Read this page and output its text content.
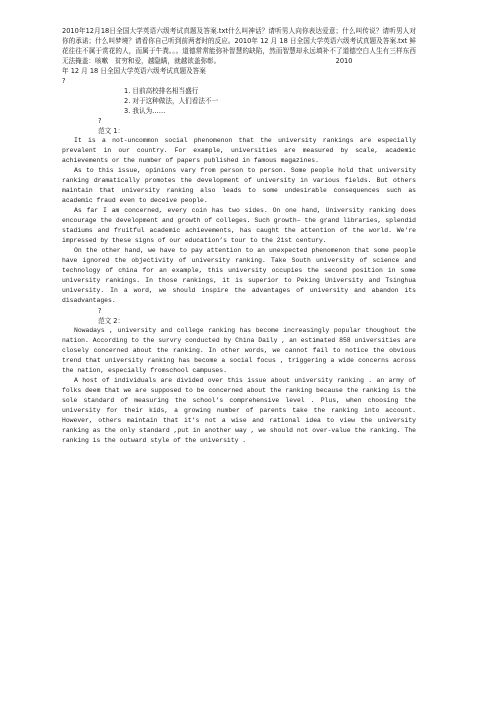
2010年12月18日全国大学英语六级考试真题及答案.txt什么叫神话？请听男人向你表达爱意；什么叫传说？请听男人对你的承诺；什么叫梦境？请看你自己听到前两者时的反应。2010年 12 月 18 日全国大学英语六级考试真题及答案.txt 鲜花往往不属于赏花的人，而属于牛粪。。。道德常常能弥补智慧的缺陷，然而智慧却永远填补不了道德空白人生有三样东西无法掩盖：咳嗽　贫穷和爱，越隐瞒，就越欲盖弥彰。　　　　　　　　　　　　　　　　　　2010

年 12 月 18 日全国大学英语六级考试真题及答案

?

1. 目前高校排名相当盛行
2. 对于这种做法，人们看法不一
3. 我认为……

?

范文 1：

It is a not-uncommon social phenomenon that the university rankings are especially prevalent in our country. For example, universities are measured by scale, academic achievements or the number of papers published in famous magazines.

As to this issue, opinions vary from person to person. Some people hold that university ranking dramatically promotes the development of university in various fields. But others maintain that university ranking also leads to some undesirable consequences such as academic fraud even to deceive people.

As far I am concerned, every coin has two sides. On one hand, University ranking does encourage the development and growth of colleges. Such growth– the grand libraries, splendid stadiums and fruitful academic achievements, has caught the attention of the world. We’re impressed by these signs of our education’s tour to the 21st century.

On the other hand, we have to pay attention to an unexpected phenomenon that some people have ignored the objectivity of university ranking. Take South university of science and technology of china for an example, this university occupies the second position in some university rankings. In those rankings, it is superior to Peking University and Tsinghua university. In a word, we should inspire the advantages of university and abandon its disadvantages.

?

范文 2：

Nowadays , university and college ranking has become increasingly popular thoughout the nation. According to the survry conducted by China Daily , an estimated 858 universities are closely concerned about the ranking. In other words, we cannot fail to notice the obvious trend that university ranking has become a social focus , triggering a wide concerns across the nation, especially fromschool campuses.

A host of individuals are divided over this issue about university ranking . an army of folks deem that we are supposed to be concerned about the ranking because the ranking is the sole standard of measuring the school’s comprehensive level . Plus, when choosing the university for their kids, a growing number of parents take the ranking into account. However, others maintain that it’s not a wise and rational idea to view the university ranking as the only standard ,put in another way , we should not over-value the ranking. The ranking is the outward style of the university .
